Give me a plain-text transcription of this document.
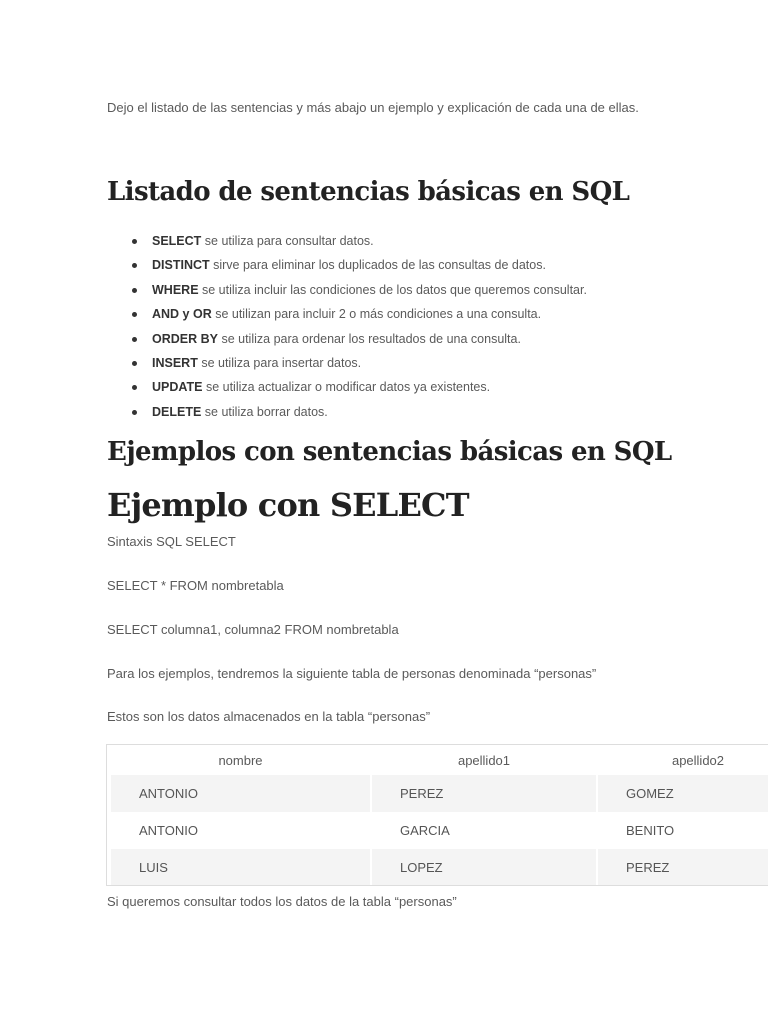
Dejo el listado de las sentencias y más abajo un ejemplo y explicación de cada una de ellas.

Listado de sentencias básicas en SQL
SELECT se utiliza para consultar datos.
DISTINCT sirve para eliminar los duplicados de las consultas de datos.
WHERE se utiliza incluir las condiciones de los datos que queremos consultar.
AND y OR se utilizan para incluir 2 o más condiciones a una consulta.
ORDER BY se utiliza para ordenar los resultados de una consulta.
INSERT se utiliza para insertar datos.
UPDATE se utiliza actualizar o modificar datos ya existentes.
DELETE se utiliza borrar datos.
Ejemplos con sentencias básicas en SQL
Ejemplo con SELECT

Sintaxis SQL SELECT

SELECT * FROM nombretabla

SELECT columna1, columna2 FROM nombretabla

Para los ejemplos, tendremos la siguiente tabla de personas denominada “personas”

Estos son los datos almacenados en la tabla “personas”

nombre	apellido1	apellido2
ANTONIO	PEREZ	GOMEZ
ANTONIO	GARCIA	BENITO
LUIS	LOPEZ	PEREZ

Si queremos consultar todos los datos de la tabla “personas”
